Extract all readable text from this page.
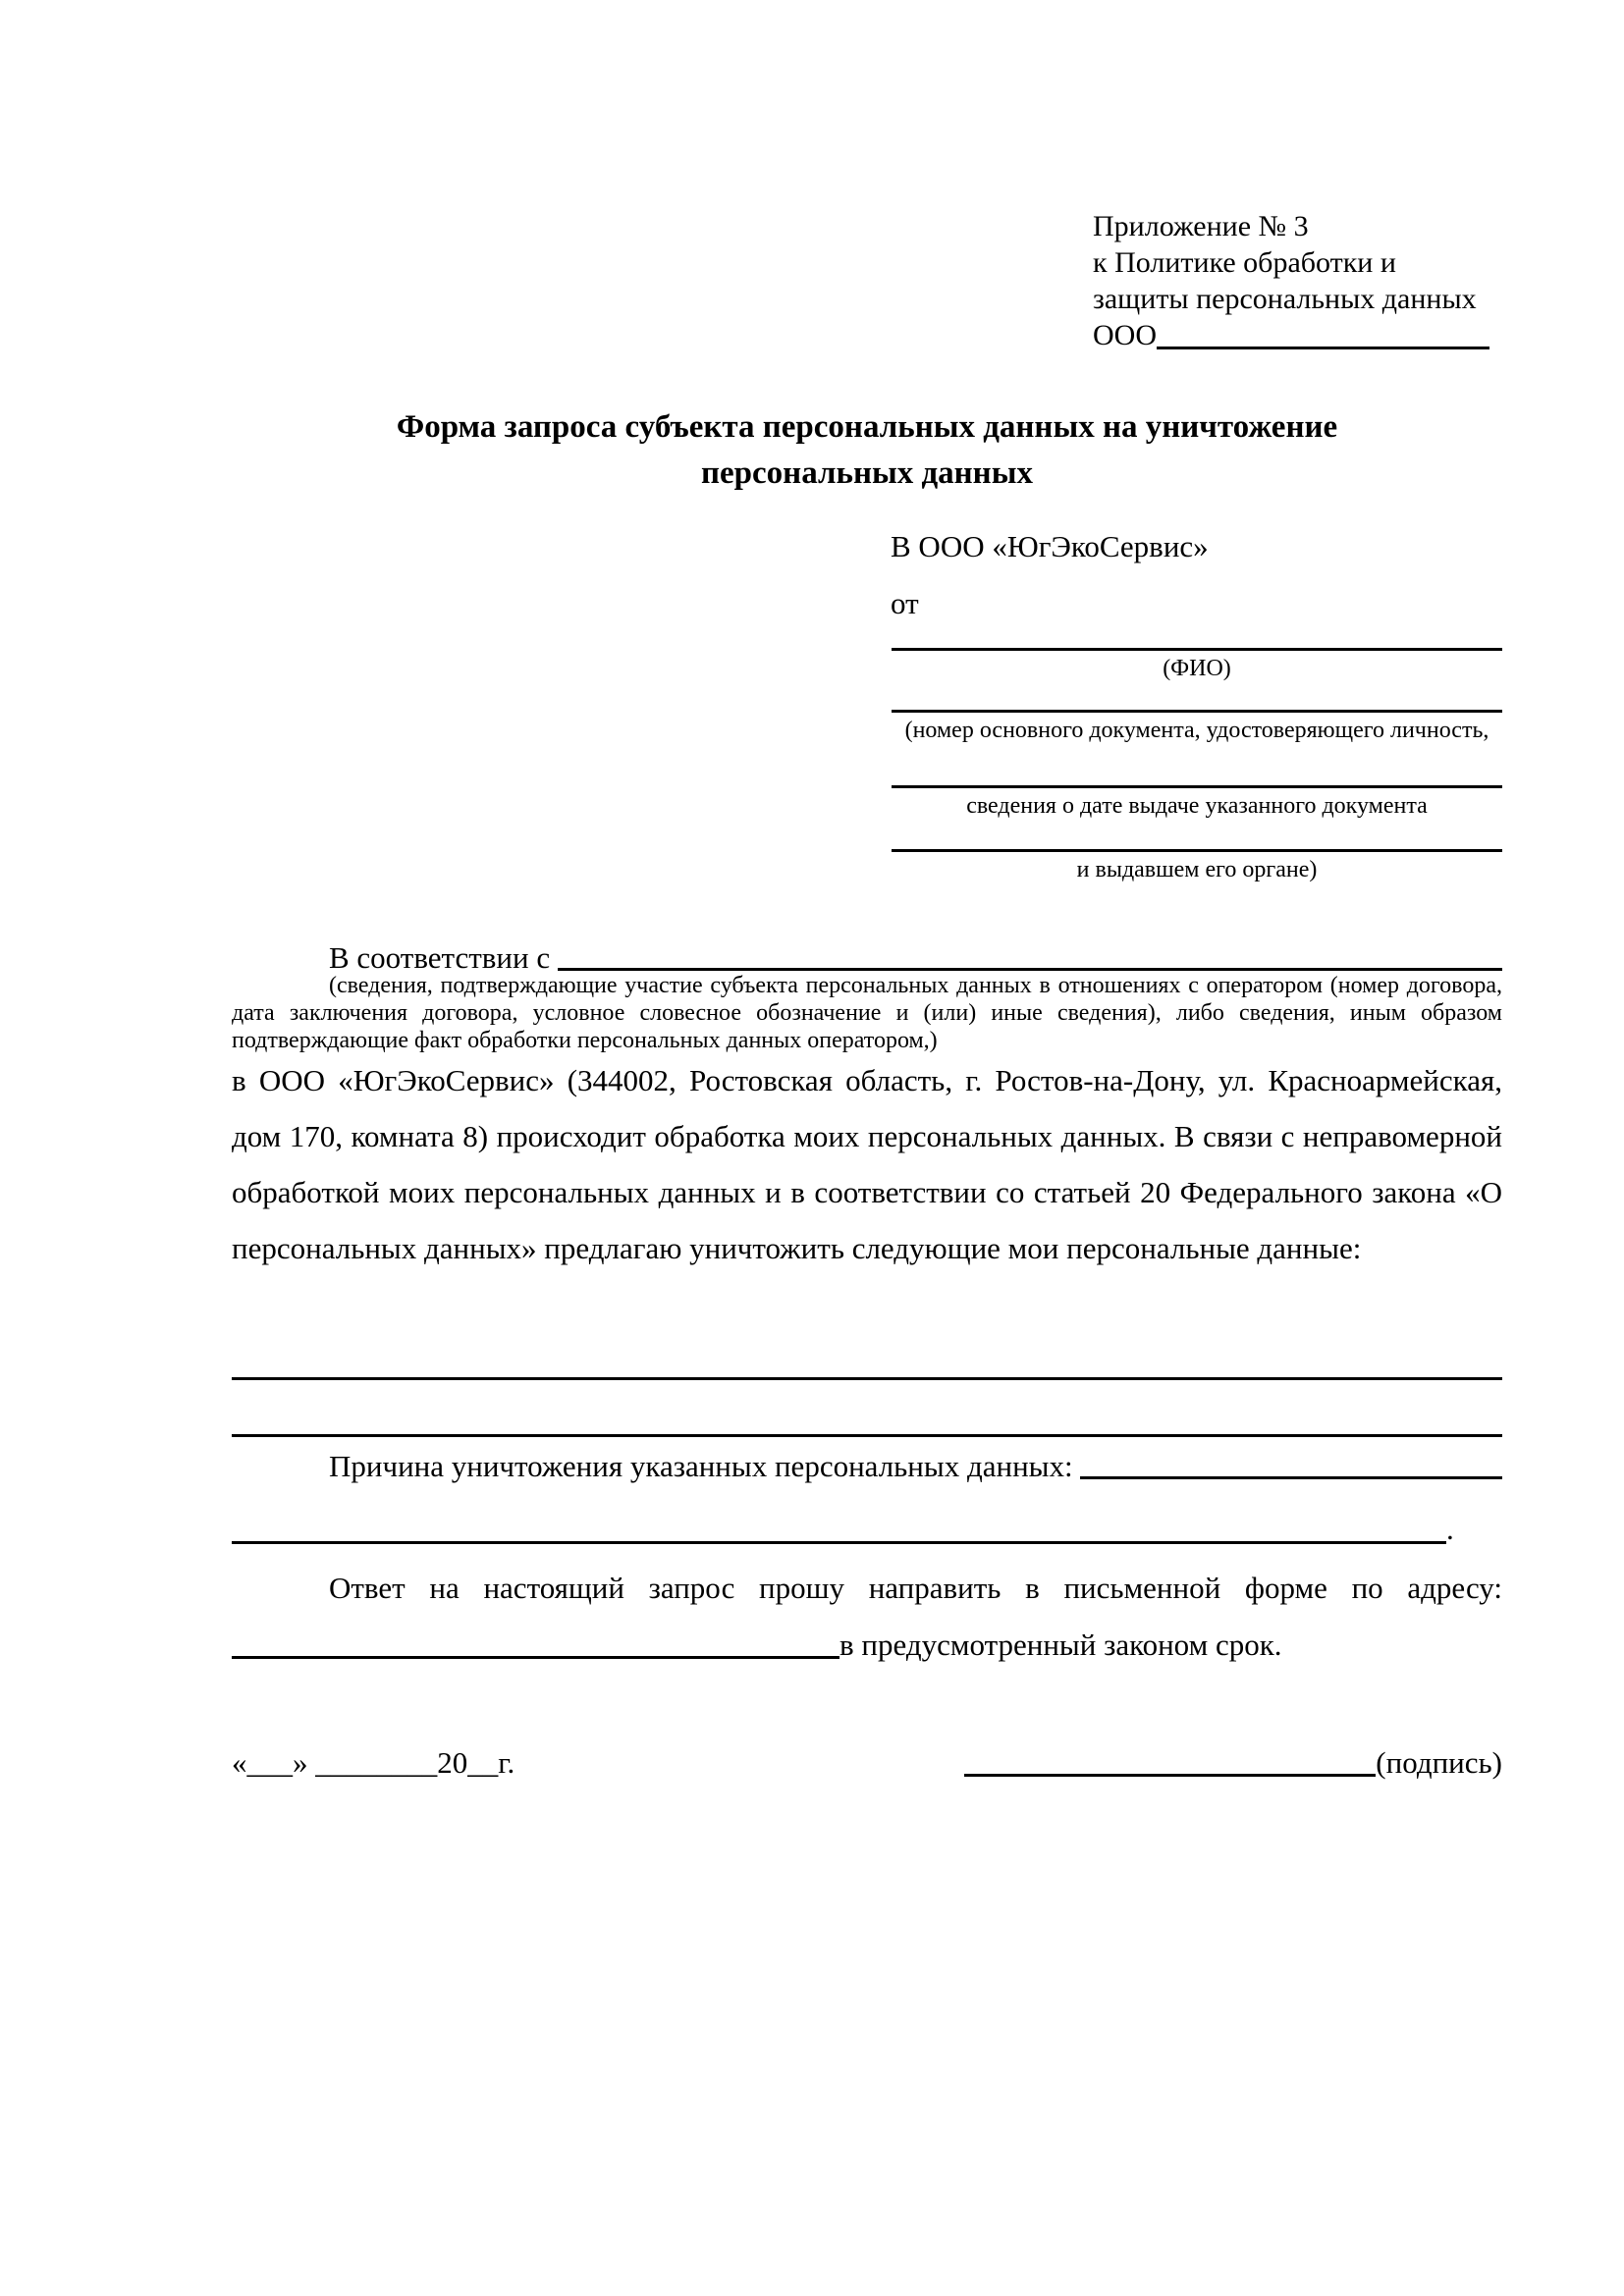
Приложение № 3
к Политике обработки и
защиты персональных данных
ООО
Форма запроса субъекта персональных данных на уничтожение
персональных данных
В ООО «ЮгЭкоСервис»
от
(ФИО)
(номер основного документа, удостоверяющего личность,
сведения о дате выдаче указанного документа
и выдавшем его органе)
В соответствии с
(сведения, подтверждающие участие субъекта персональных данных в отношениях с оператором (номер договора, дата заключения договора, условное словесное обозначение и (или) иные сведения), либо сведения, иным образом подтверждающие факт обработки персональных данных оператором,)
в ООО «ЮгЭкоСервис» (344002, Ростовская область, г. Ростов-на-Дону, ул. Красноармейская, дом 170, комната 8) происходит обработка моих персональных данных. В связи с неправомерной обработкой моих персональных данных и в соответствии со статьей 20 Федерального закона «О персональных данных» предлагаю уничтожить следующие мои персональные данные:
Причина уничтожения указанных персональных данных:
.
Ответ на настоящий запрос прошу направить в письменной форме по адресу:
в предусмотренный законом срок.
«___» ________20__г.	(подпись)
